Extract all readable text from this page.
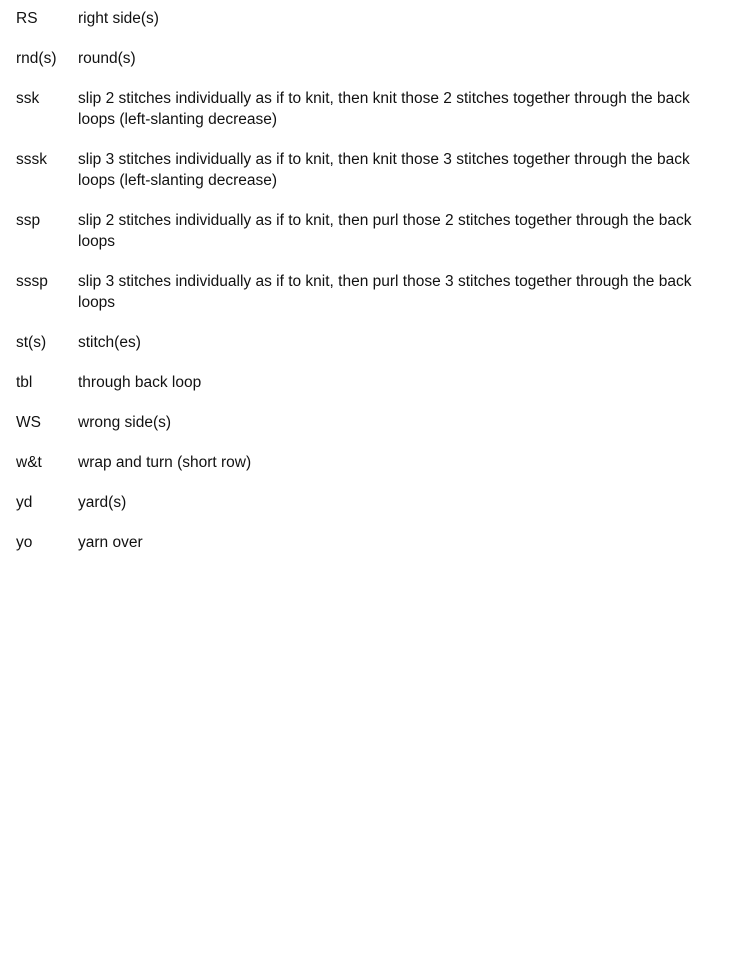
RS	right side(s)
rnd(s)	round(s)
ssk	slip 2 stitches individually as if to knit, then knit those 2 stitches together through the back loops (left-slanting decrease)
sssk	slip 3 stitches individually as if to knit, then knit those 3 stitches together through the back loops (left-slanting decrease)
ssp	slip 2 stitches individually as if to knit, then purl those 2 stitches together through the back loops
sssp	slip 3 stitches individually as if to knit, then purl those 3 stitches together through the back loops
st(s)	stitch(es)
tbl	through back loop
WS	wrong side(s)
w&t	wrap and turn (short row)
yd	yard(s)
yo	yarn over
